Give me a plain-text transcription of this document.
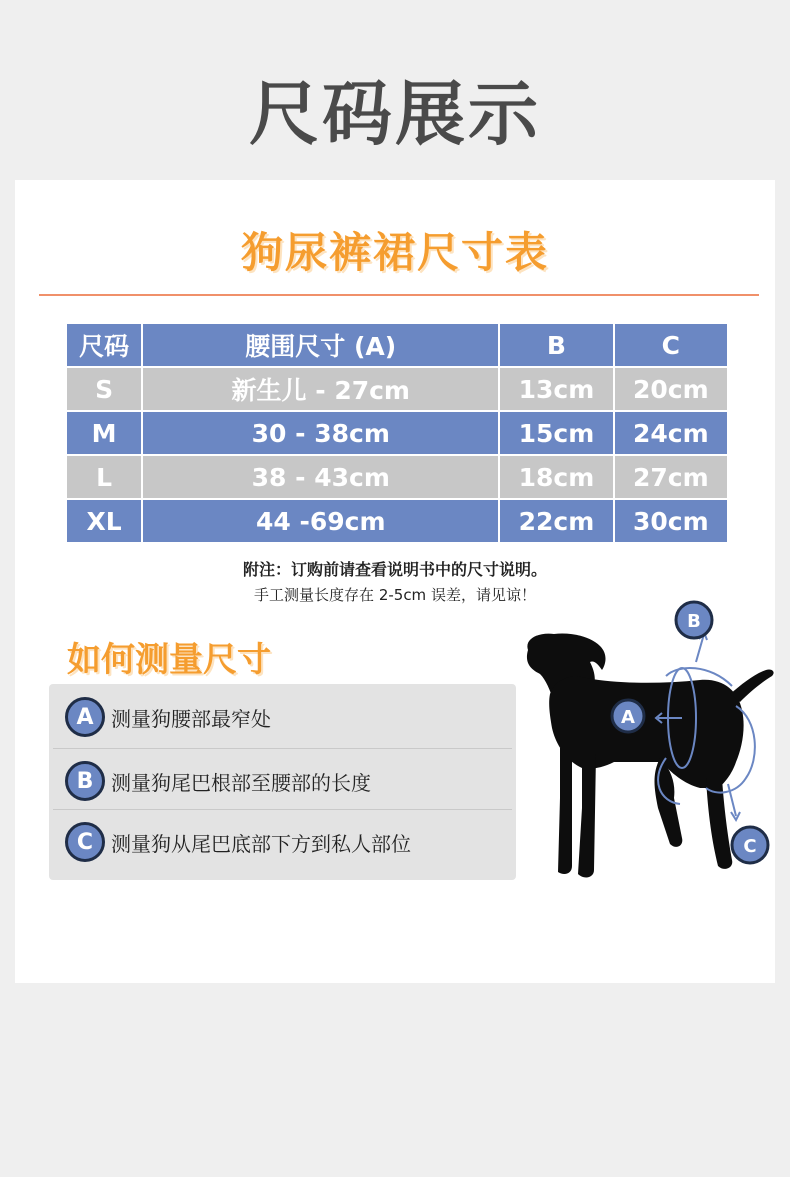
尺码展示
狗尿裤裙尺寸表
尺码	腰围尺寸 (A)	B	C
S	新生儿 - 27cm	13cm	20cm
M	30 - 38cm	15cm	24cm
L	38 - 43cm	18cm	27cm
XL	44 -69cm	22cm	30cm
附注：订购前请查看说明书中的尺寸说明。
手工测量长度存在 2-5cm 误差，请见谅！
如何测量尺寸
A 测量狗腰部最窄处
B 测量狗尾巴根部至腰部的长度
C 测量狗从尾巴底部下方到私人部位
A
B
C
